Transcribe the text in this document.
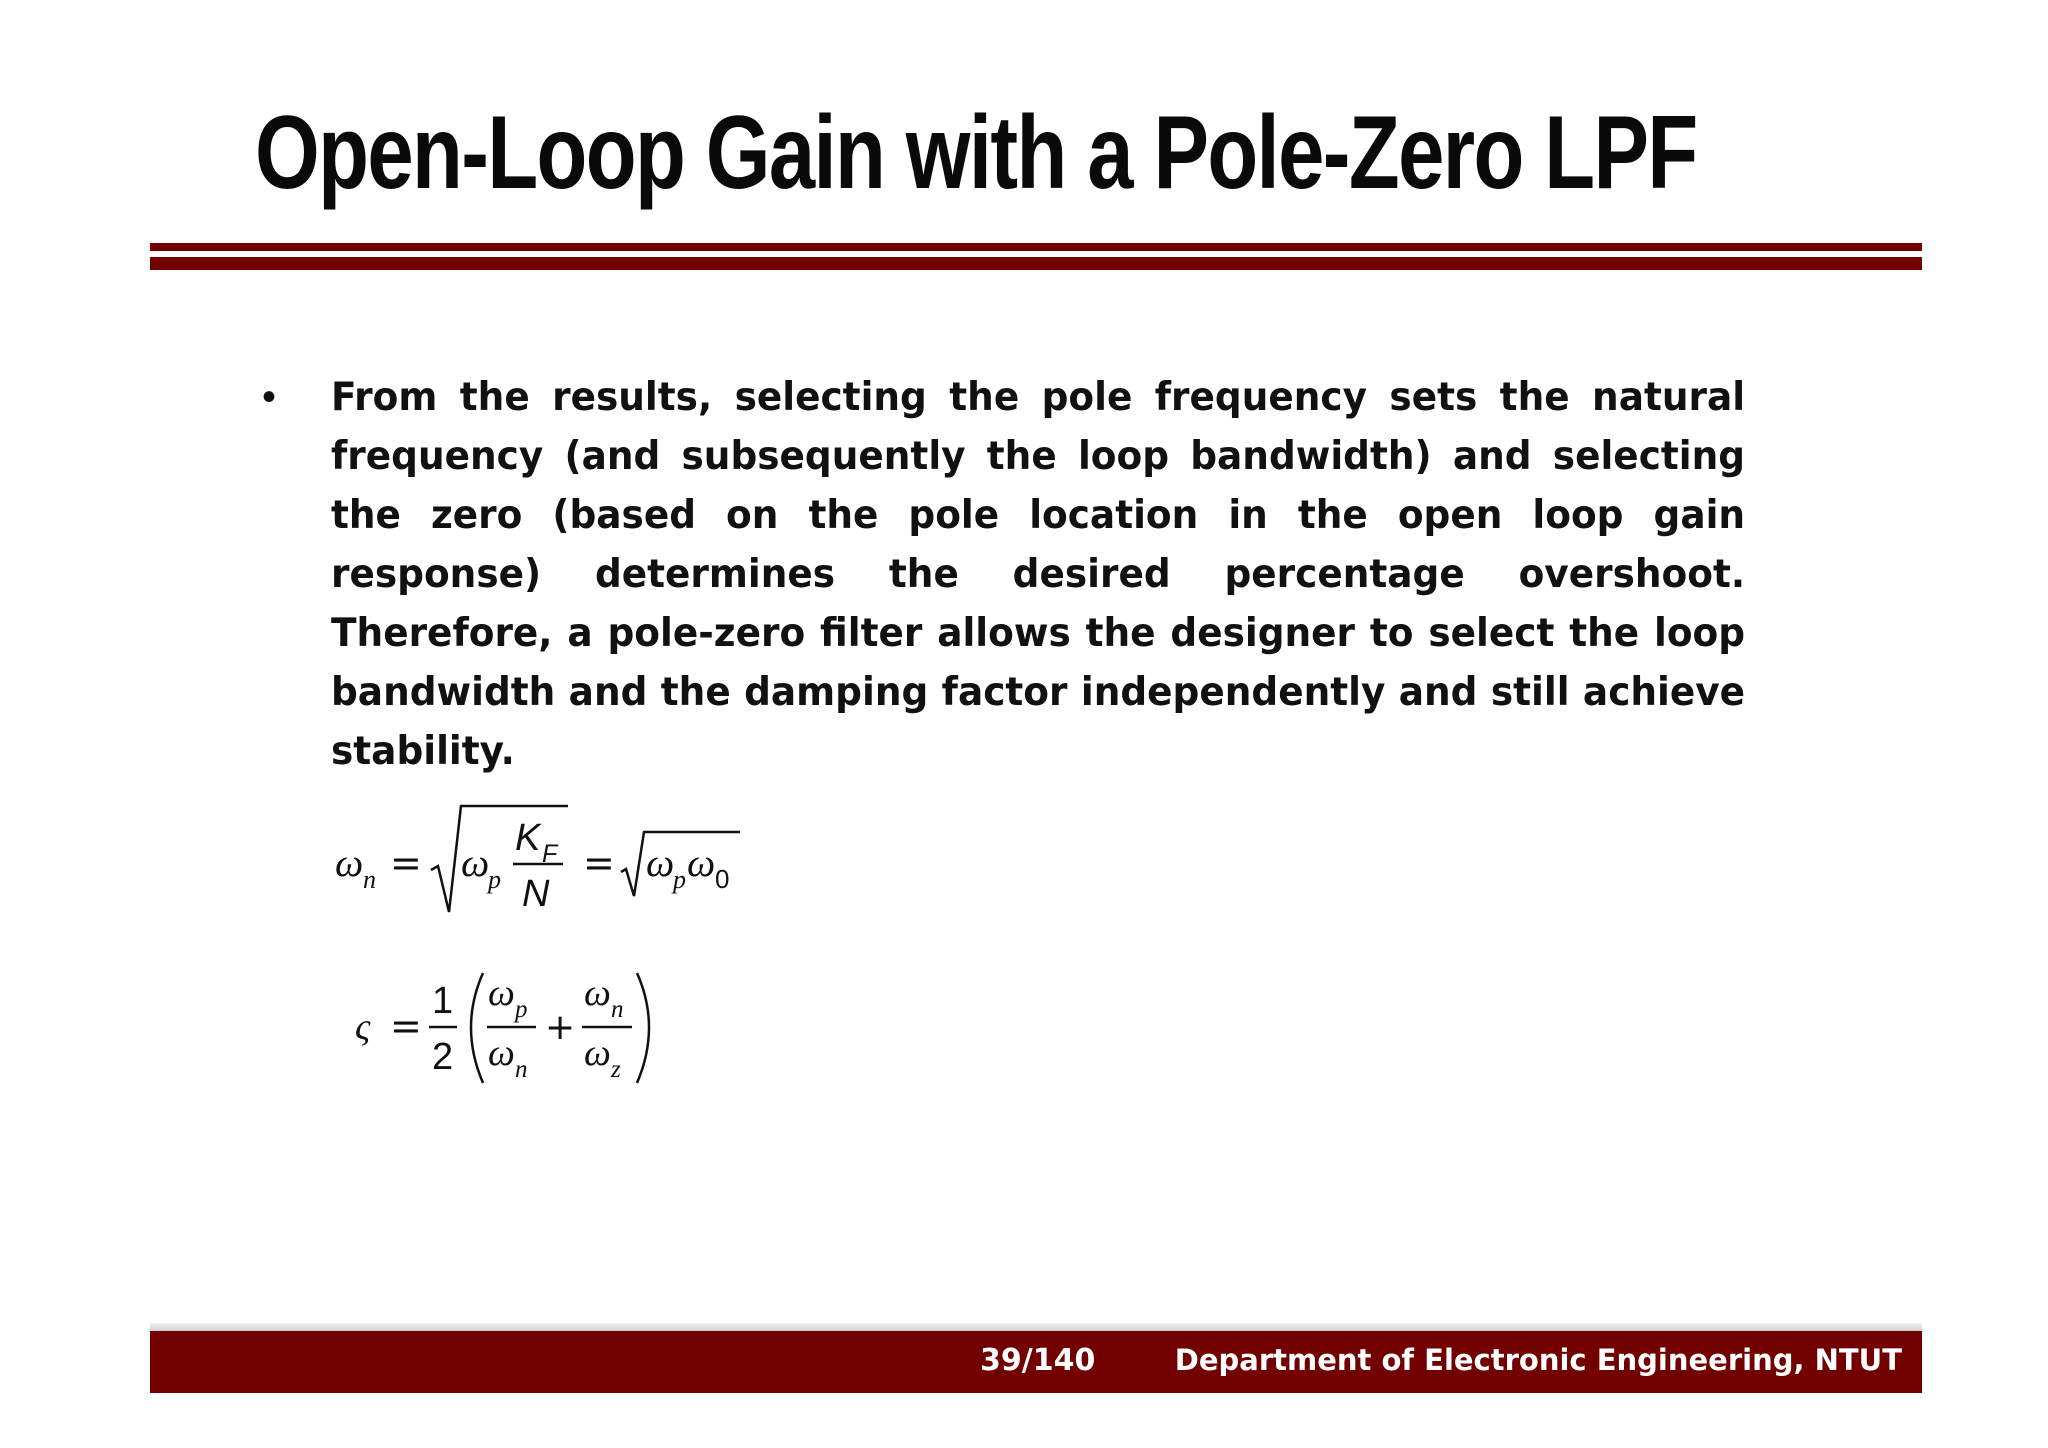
Open-Loop Gain with a Pole-Zero LPF
• From the results, selecting the pole frequency sets the natural frequency (and subsequently the loop bandwidth) and selecting the zero (based on the pole location in the open loop gain response) determines the desired percentage overshoot. Therefore, a pole-zero filter allows the designer to select the loop bandwidth and the damping factor independently and still achieve stability.
ω n = ω
p
K F
N
= ω
p ω 0
ς =
1
2
ω p
ω n
+
ω n
ω z
39/140	Department of Electronic Engineering, NTUT
